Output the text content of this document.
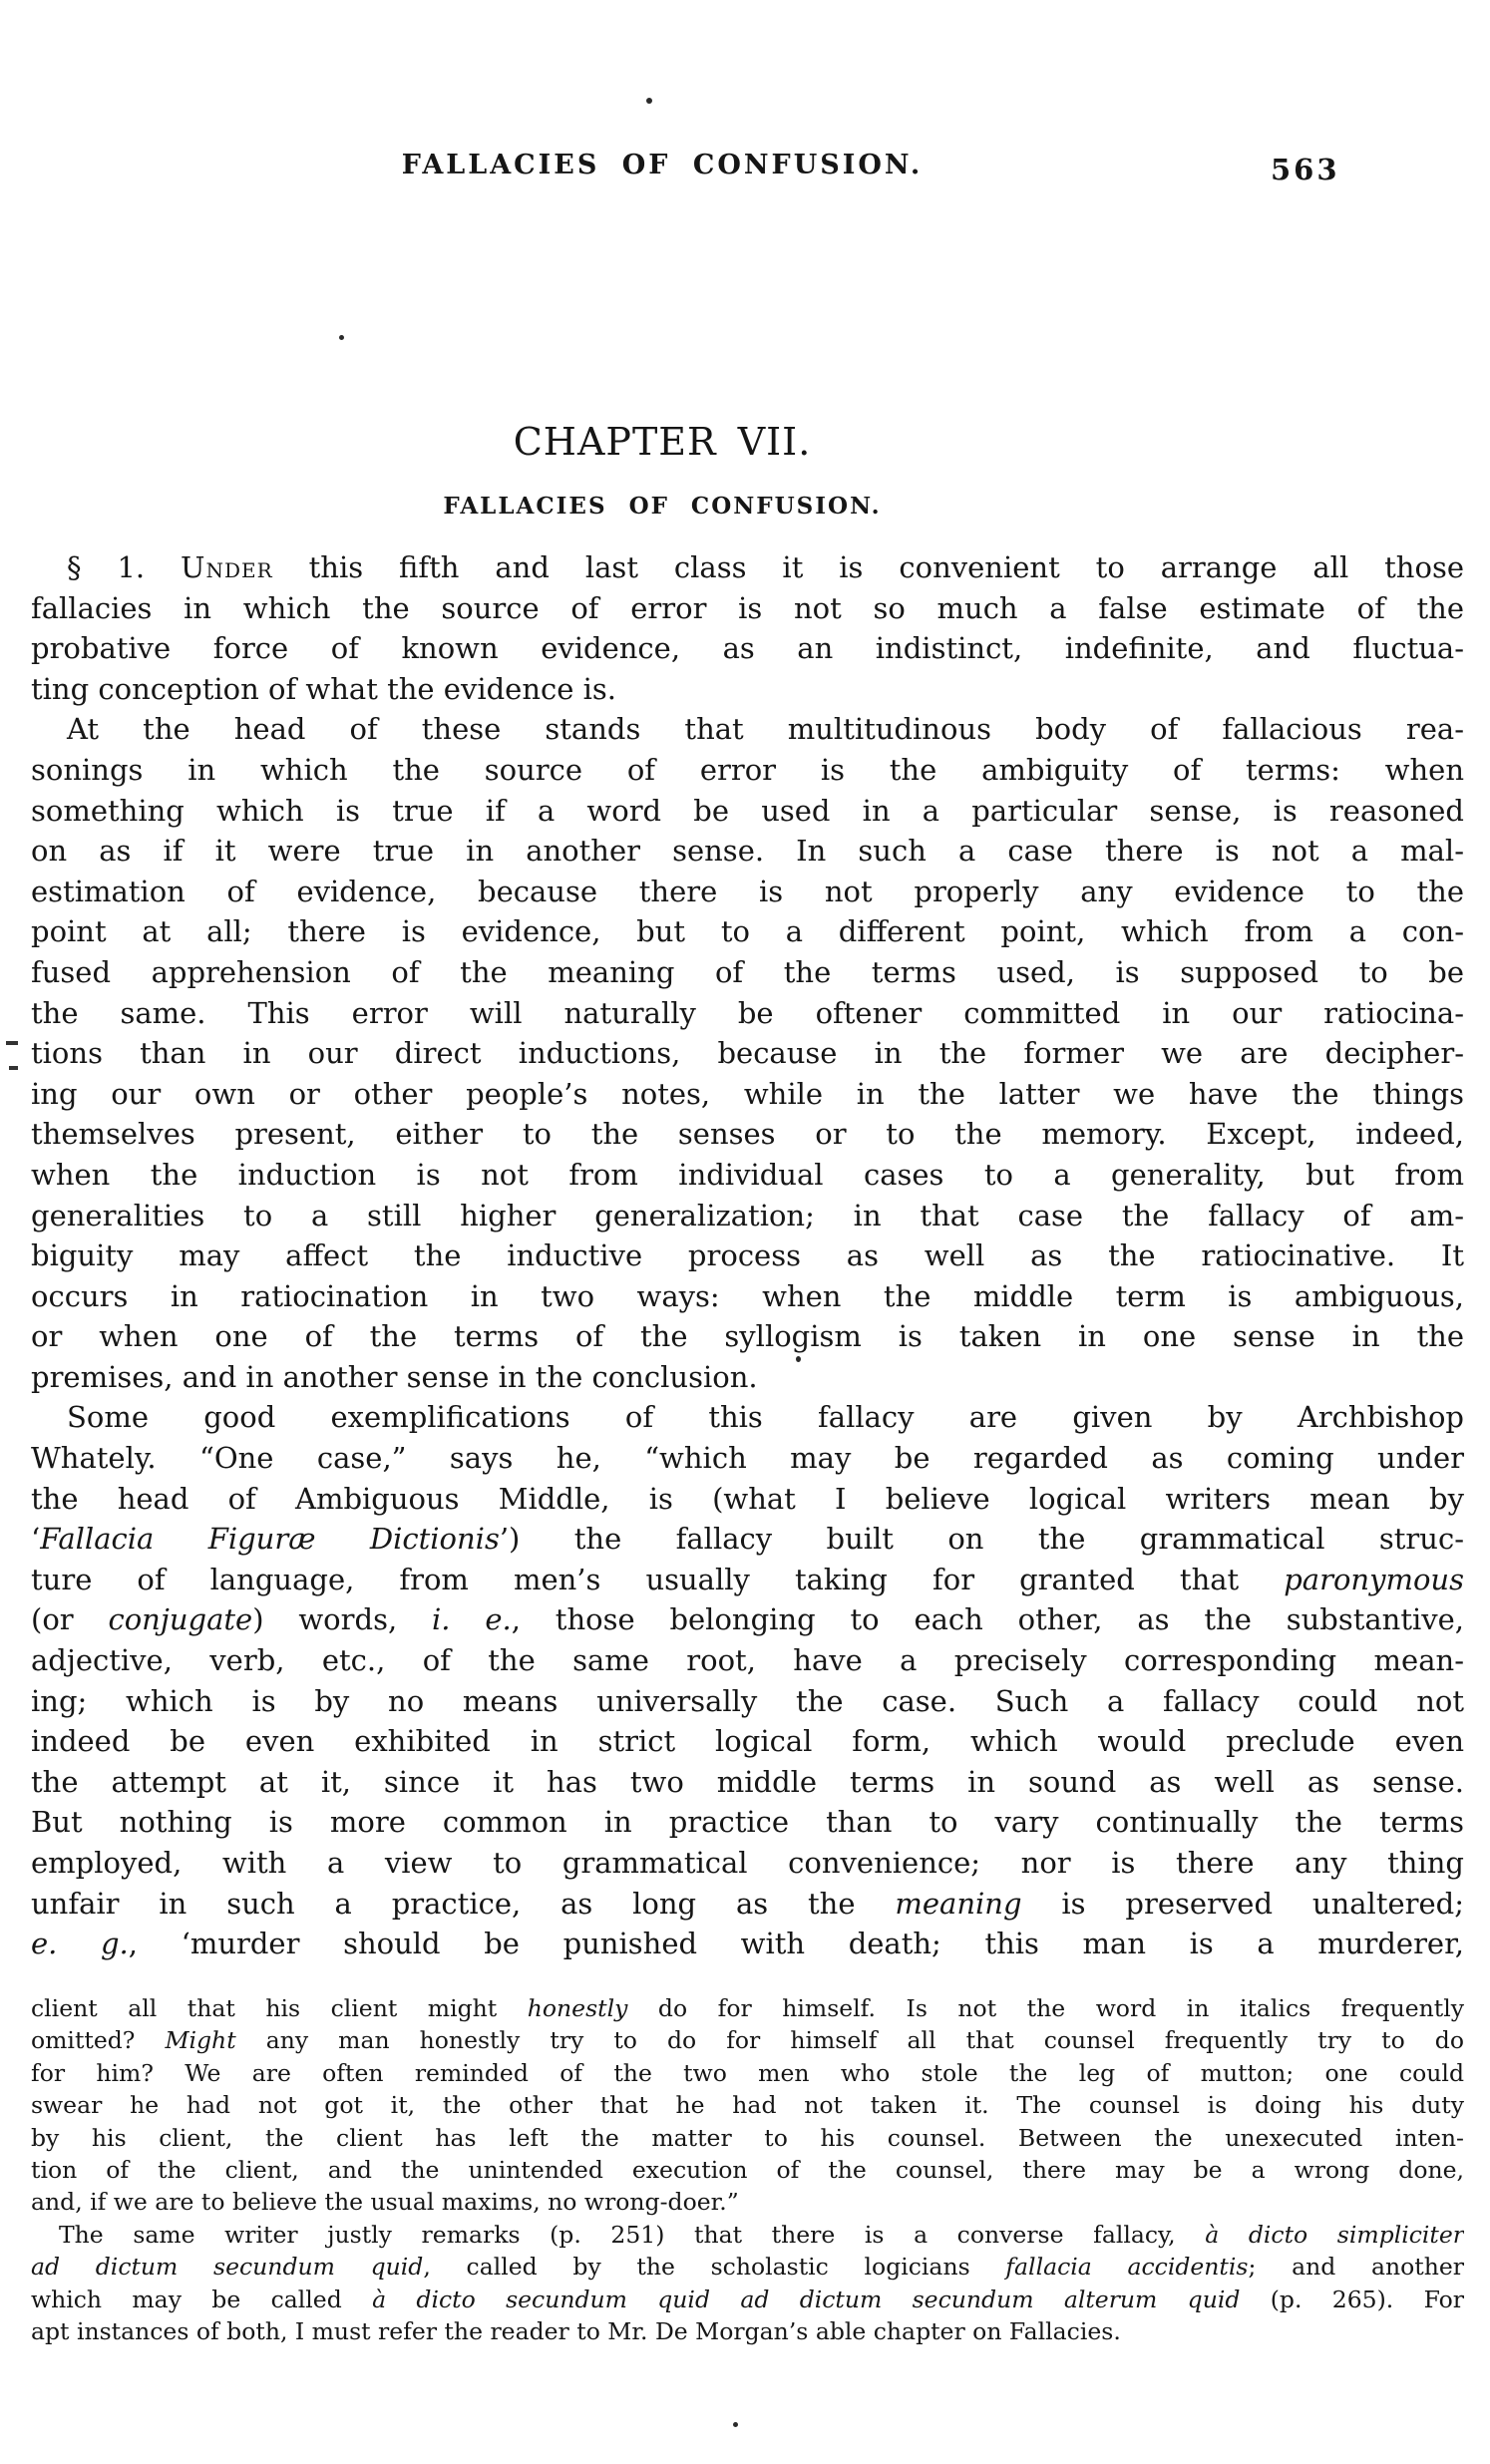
FALLACIES OF CONFUSION.	563
CHAPTER VII.
FALLACIES OF CONFUSION.
§ 1. Under this fifth and last class it is convenient to arrange all those
fallacies in which the source of error is not so much a false estimate of the
probative force of known evidence, as an indistinct, indefinite, and fluctua-
ting conception of what the evidence is.
At the head of these stands that multitudinous body of fallacious rea-
sonings in which the source of error is the ambiguity of terms: when
something which is true if a word be used in a particular sense, is reasoned
on as if it were true in another sense. In such a case there is not a mal-
estimation of evidence, because there is not properly any evidence to the
point at all; there is evidence, but to a different point, which from a con-
fused apprehension of the meaning of the terms used, is supposed to be
the same. This error will naturally be oftener committed in our ratiocina-
tions than in our direct inductions, because in the former we are decipher-
ing our own or other people’s notes, while in the latter we have the things
themselves present, either to the senses or to the memory. Except, indeed,
when the induction is not from individual cases to a generality, but from
generalities to a still higher generalization; in that case the fallacy of am-
biguity may affect the inductive process as well as the ratiocinative. It
occurs in ratiocination in two ways: when the middle term is ambiguous,
or when one of the terms of the syllogism is taken in one sense in the
premises, and in another sense in the conclusion.
Some good exemplifications of this fallacy are given by Archbishop
Whately. “One case,” says he, “which may be regarded as coming under
the head of Ambiguous Middle, is (what I believe logical writers mean by
‘Fallacia Figuræ Dictionis’) the fallacy built on the grammatical struc-
ture of language, from men’s usually taking for granted that paronymous
(or conjugate) words, i. e., those belonging to each other, as the substantive,
adjective, verb, etc., of the same root, have a precisely corresponding mean-
ing; which is by no means universally the case. Such a fallacy could not
indeed be even exhibited in strict logical form, which would preclude even
the attempt at it, since it has two middle terms in sound as well as sense.
But nothing is more common in practice than to vary continually the terms
employed, with a view to grammatical convenience; nor is there any thing
unfair in such a practice, as long as the meaning is preserved unaltered;
e. g., ‘murder should be punished with death; this man is a murderer,
client all that his client might honestly do for himself. Is not the word in italics frequently
omitted? Might any man honestly try to do for himself all that counsel frequently try to do
for him? We are often reminded of the two men who stole the leg of mutton; one could
swear he had not got it, the other that he had not taken it. The counsel is doing his duty
by his client, the client has left the matter to his counsel. Between the unexecuted inten-
tion of the client, and the unintended execution of the counsel, there may be a wrong done,
and, if we are to believe the usual maxims, no wrong-doer.”
The same writer justly remarks (p. 251) that there is a converse fallacy, à dicto simpliciter
ad dictum secundum quid, called by the scholastic logicians fallacia accidentis; and another
which may be called à dicto secundum quid ad dictum secundum alterum quid (p. 265). For
apt instances of both, I must refer the reader to Mr. De Morgan’s able chapter on Fallacies.
